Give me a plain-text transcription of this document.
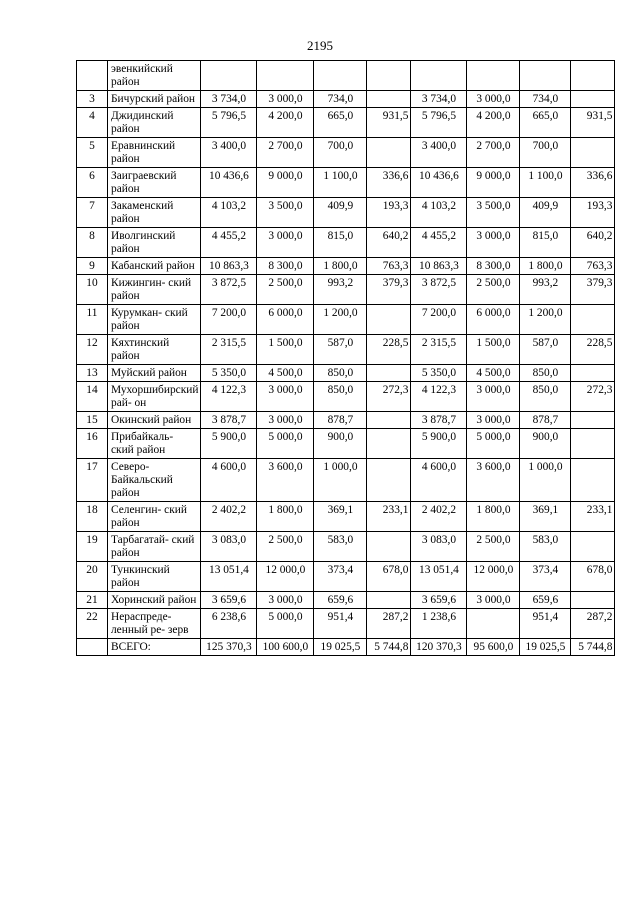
2195
	эвенкийский район								
3	Бичурский район	3 734,0	3 000,0	734,0		3 734,0	3 000,0	734,0	
4	Джидинский район	5 796,5	4 200,0	665,0	931,5	5 796,5	4 200,0	665,0	931,5
5	Еравнинский район	3 400,0	2 700,0	700,0		3 400,0	2 700,0	700,0	
6	Заиграевский район	10 436,6	9 000,0	1 100,0	336,6	10 436,6	9 000,0	1 100,0	336,6
7	Закаменский район	4 103,2	3 500,0	409,9	193,3	4 103,2	3 500,0	409,9	193,3
8	Иволгинский район	4 455,2	3 000,0	815,0	640,2	4 455,2	3 000,0	815,0	640,2
9	Кабанский район	10 863,3	8 300,0	1 800,0	763,3	10 863,3	8 300,0	1 800,0	763,3
10	Кижингин- ский район	3 872,5	2 500,0	993,2	379,3	3 872,5	2 500,0	993,2	379,3
11	Курумкан- ский район	7 200,0	6 000,0	1 200,0		7 200,0	6 000,0	1 200,0	
12	Кяхтинский район	2 315,5	1 500,0	587,0	228,5	2 315,5	1 500,0	587,0	228,5
13	Муйский район	5 350,0	4 500,0	850,0		5 350,0	4 500,0	850,0	
14	Мухоршибирский рай- он	4 122,3	3 000,0	850,0	272,3	4 122,3	3 000,0	850,0	272,3
15	Окинский район	3 878,7	3 000,0	878,7		3 878,7	3 000,0	878,7	
16	Прибайкаль- ский район	5 900,0	5 000,0	900,0		5 900,0	5 000,0	900,0	
17	Северо- Байкальский район	4 600,0	3 600,0	1 000,0		4 600,0	3 600,0	1 000,0	
18	Селенгин- ский район	2 402,2	1 800,0	369,1	233,1	2 402,2	1 800,0	369,1	233,1
19	Тарбагатай- ский район	3 083,0	2 500,0	583,0		3 083,0	2 500,0	583,0	
20	Тункинский район	13 051,4	12 000,0	373,4	678,0	13 051,4	12 000,0	373,4	678,0
21	Хоринский район	3 659,6	3 000,0	659,6		3 659,6	3 000,0	659,6	
22	Нераспреде- ленный ре- зерв	6 238,6	5 000,0	951,4	287,2	1 238,6		951,4	287,2
	ВСЕГО:	125 370,3	100 600,0	19 025,5	5 744,8	120 370,3	95 600,0	19 025,5	5 744,8
